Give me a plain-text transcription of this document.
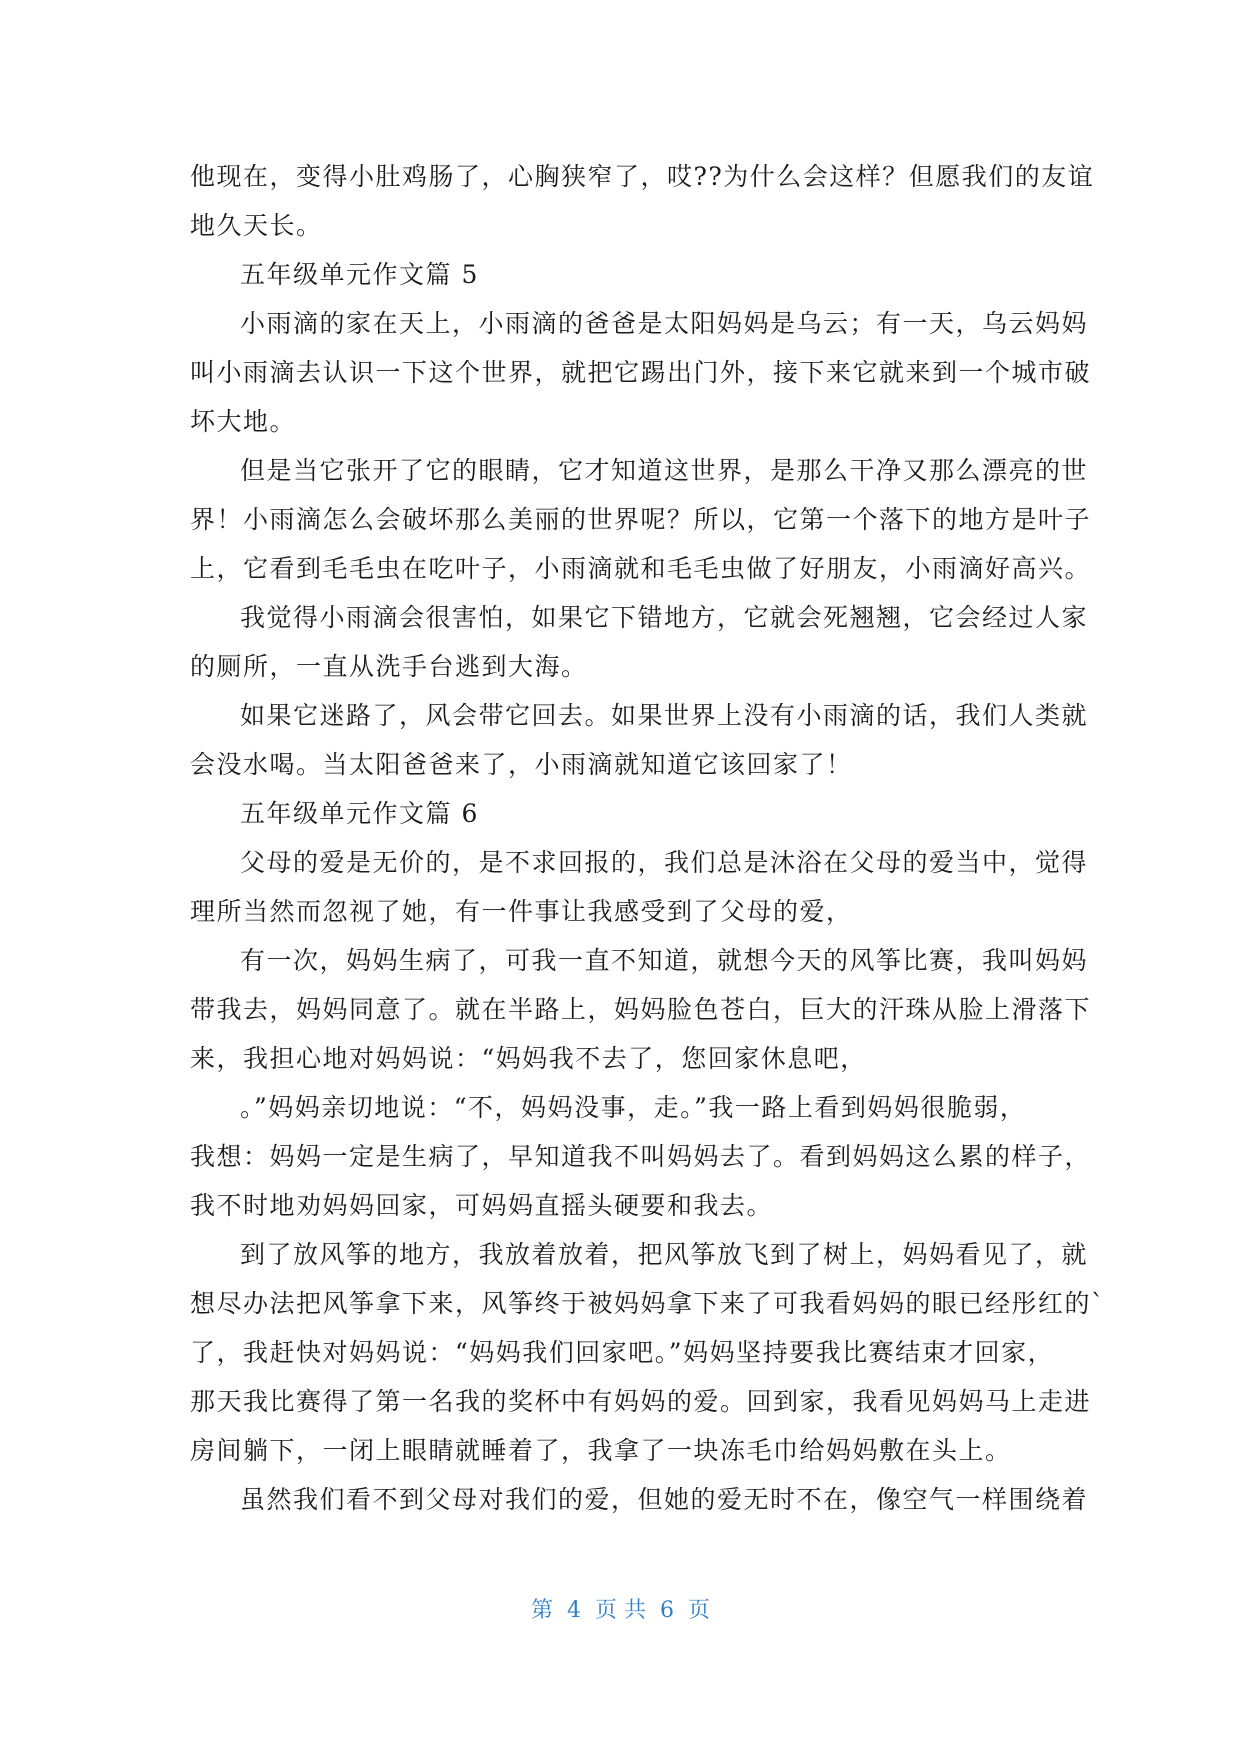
他现在，变得小肚鸡肠了，心胸狭窄了，哎??为什么会这样？但愿我们的友谊
地久天长。
五年级单元作文篇 5
小雨滴的家在天上，小雨滴的爸爸是太阳妈妈是乌云；有一天，乌云妈妈
叫小雨滴去认识一下这个世界，就把它踢出门外，接下来它就来到一个城市破
坏大地。
但是当它张开了它的眼睛，它才知道这世界，是那么干净又那么漂亮的世
界！小雨滴怎么会破坏那么美丽的世界呢？所以，它第一个落下的地方是叶子
上，它看到毛毛虫在吃叶子，小雨滴就和毛毛虫做了好朋友，小雨滴好高兴。
我觉得小雨滴会很害怕，如果它下错地方，它就会死翘翘，它会经过人家
的厕所，一直从洗手台逃到大海。
如果它迷路了，风会带它回去。如果世界上没有小雨滴的话，我们人类就
会没水喝。当太阳爸爸来了，小雨滴就知道它该回家了！
五年级单元作文篇 6
父母的爱是无价的，是不求回报的，我们总是沐浴在父母的爱当中，觉得
理所当然而忽视了她，有一件事让我感受到了父母的爱，
有一次，妈妈生病了，可我一直不知道，就想今天的风筝比赛，我叫妈妈
带我去，妈妈同意了。就在半路上，妈妈脸色苍白，巨大的汗珠从脸上滑落下
来，我担心地对妈妈说：“妈妈我不去了，您回家休息吧，
。”妈妈亲切地说：“不，妈妈没事，走。”我一路上看到妈妈很脆弱，
我想：妈妈一定是生病了，早知道我不叫妈妈去了。看到妈妈这么累的样子，
我不时地劝妈妈回家，可妈妈直摇头硬要和我去。
到了放风筝的地方，我放着放着，把风筝放飞到了树上，妈妈看见了，就
想尽办法把风筝拿下来，风筝终于被妈妈拿下来了可我看妈妈的眼已经彤红的`
了，我赶快对妈妈说：“妈妈我们回家吧。”妈妈坚持要我比赛结束才回家，
那天我比赛得了第一名我的奖杯中有妈妈的爱。回到家，我看见妈妈马上走进
房间躺下，一闭上眼睛就睡着了，我拿了一块冻毛巾给妈妈敷在头上。
虽然我们看不到父母对我们的爱，但她的爱无时不在，像空气一样围绕着
第  4  页 共  6  页
